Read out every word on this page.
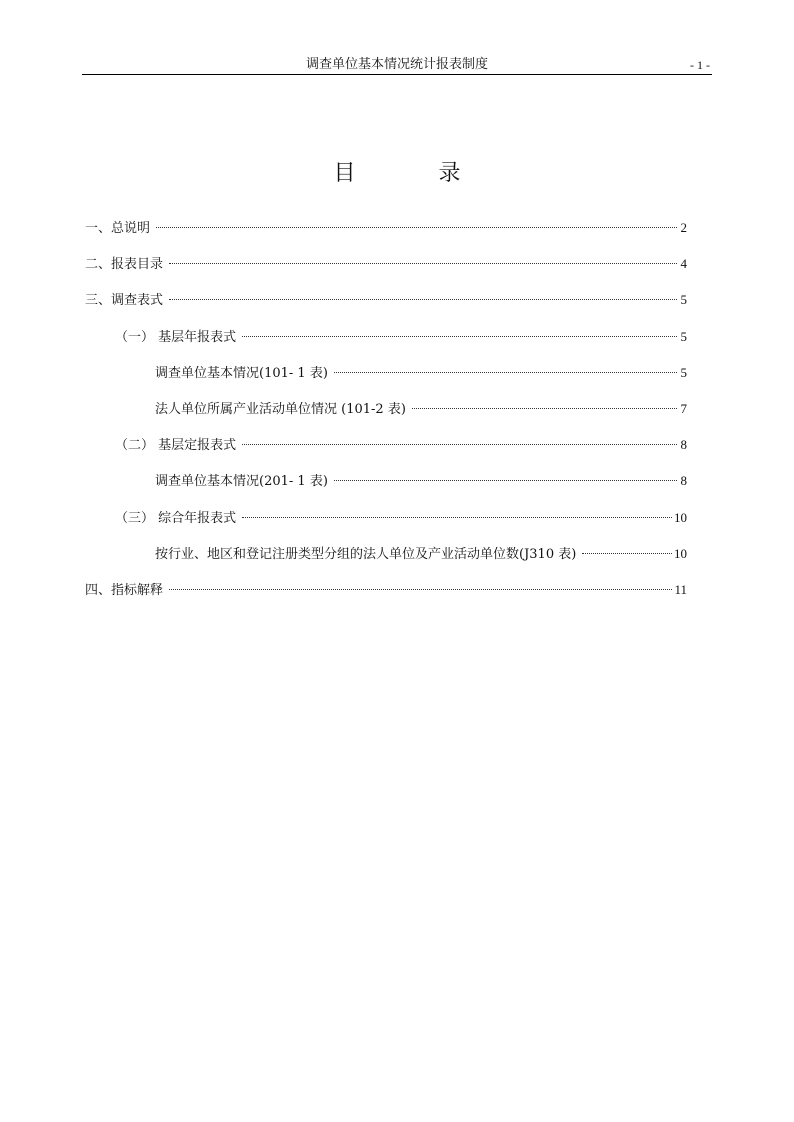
调查单位基本情况统计报表制度	- 1 -
目 录
一、总说明	2
二、报表目录	4
三、调查表式	5
（一） 基层年报表式	5
调查单位基本情况(101- 1 表)	5
法人单位所属产业活动单位情况 (101-2 表)	7
（二） 基层定报表式	8
调查单位基本情况(201- 1 表)	8
（三） 综合年报表式	10
按行业、地区和登记注册类型分组的法人单位及产业活动单位数(J310 表)	10
四、指标解释	11
